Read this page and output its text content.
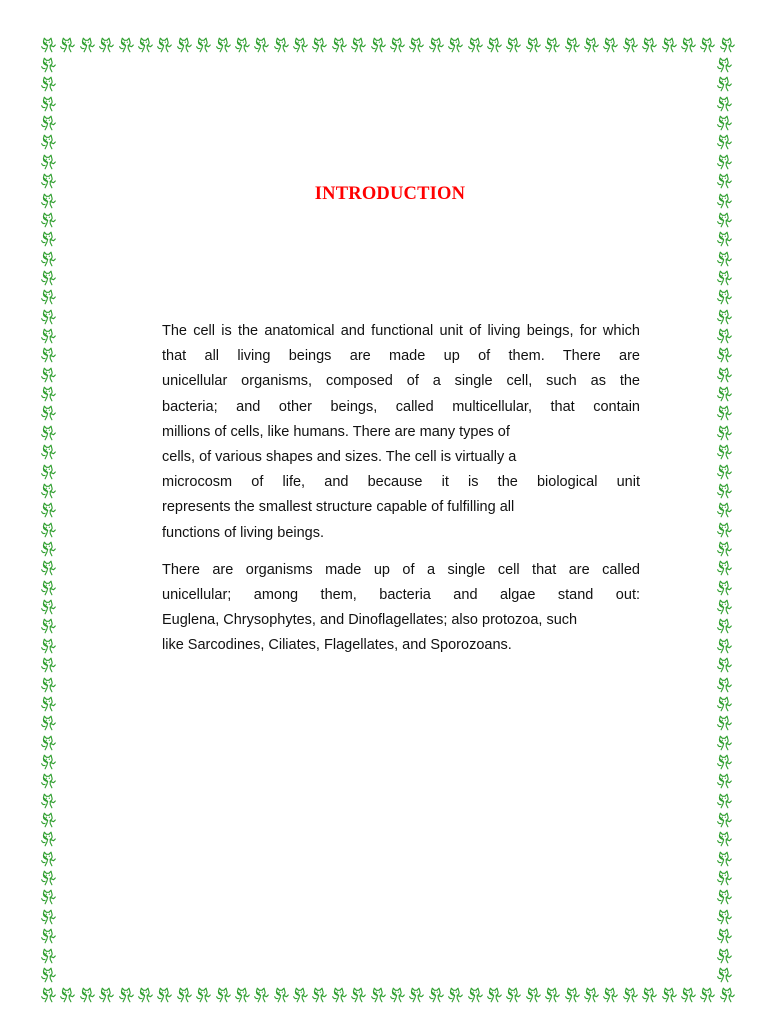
INTRODUCTION
The cell is the anatomical and functional unit of living beings, for which
that all living beings are made up of them. There are
unicellular organisms, composed of a single cell, such as the
bacteria; and other beings, called multicellular, that contain
millions of cells, like humans. There are many types of
cells, of various shapes and sizes. The cell is virtually a
microcosm of life, and because it is the biological unit
represents the smallest structure capable of fulfilling all
functions of living beings.
There are organisms made up of a single cell that are called
unicellular; among them, bacteria and algae stand out:
Euglena, Chrysophytes, and Dinoflagellates; also protozoa, such
like Sarcodines, Ciliates, Flagellates, and Sporozoans.
